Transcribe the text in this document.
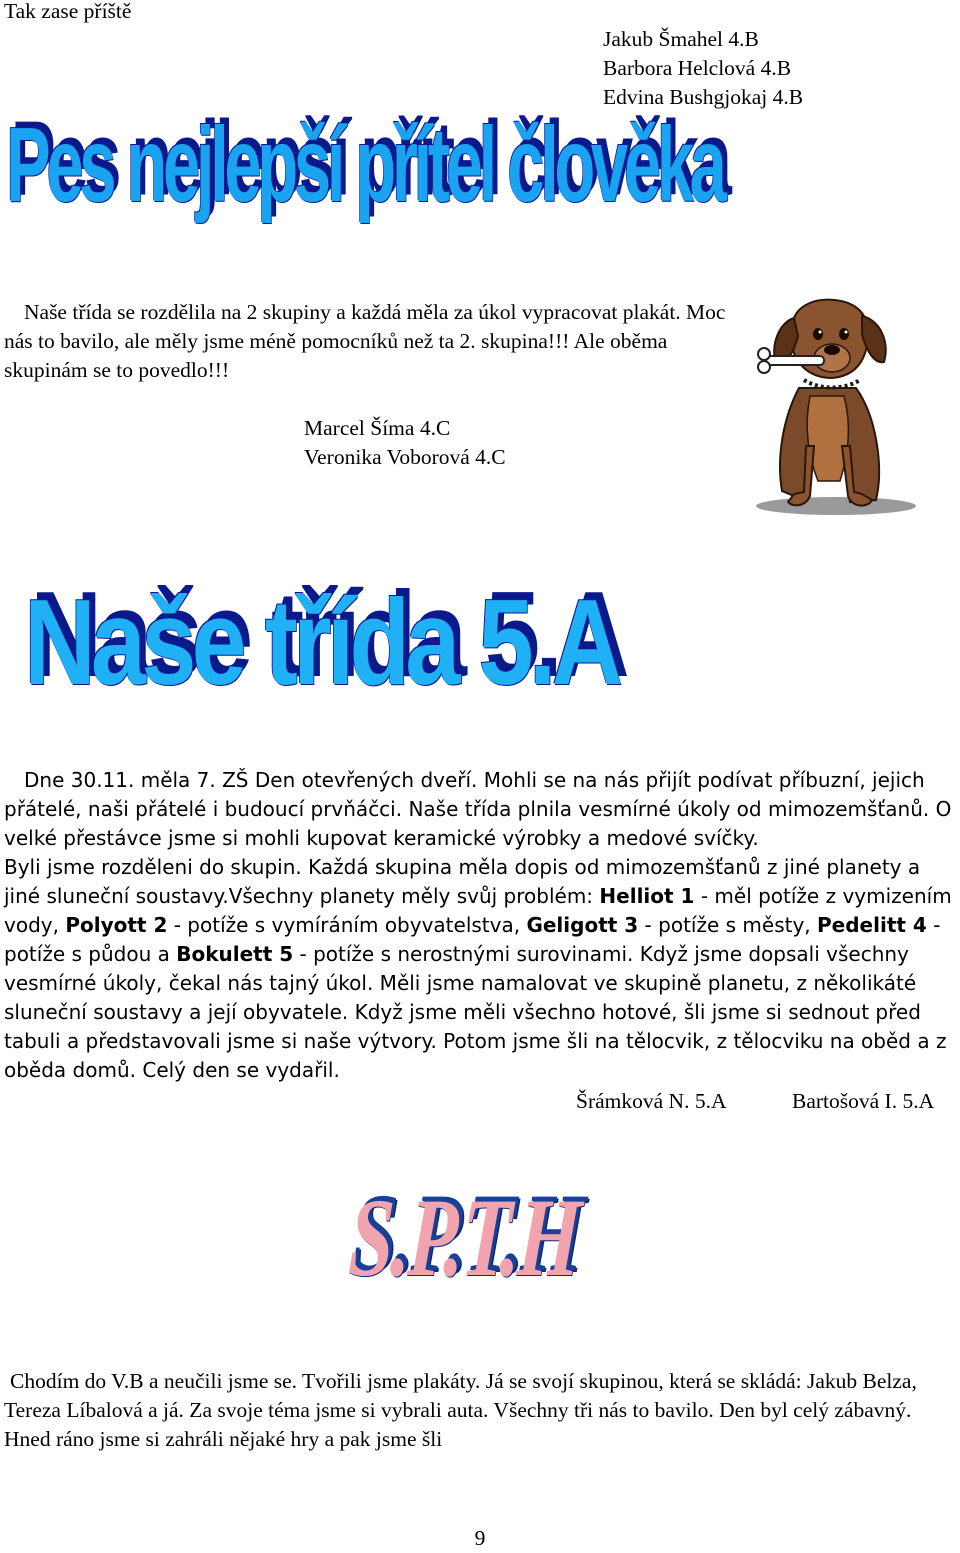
Tak zase příště

Jakub Šmahel 4.B
Barbora Helclová 4.B
Edvina Bushgjokaj 4.B
Pes nejlepší přítel člověka

Naše třída se rozdělila na 2 skupiny a každá měla za úkol vypracovat plakát. Moc nás to bavilo, ale měly jsme méně pomocníků než ta 2. skupina!!! Ale oběma skupinám se to povedlo!!!

Marcel Šíma 4.C
Veronika Voborová 4.C
Naše třída 5.A
Dne 30.11. měla 7. ZŠ Den otevřených dveří. Mohli se na nás přijít podívat příbuzní, jejich přátelé, naši přátelé i budoucí prvňáčci. Naše třída plnila vesmírné úkoly od mimozemšťanů. O velké přestávce jsme si mohli kupovat keramické výrobky a medové svíčky.
Byli jsme rozděleni do skupin. Každá skupina měla dopis od mimozemšťanů z jiné planety a jiné sluneční soustavy.Všechny planety měly svůj problém: Helliot 1 - měl potíže z vymizením vody, Polyott 2 - potíže s vymíráním obyvatelstva, Geligott 3 - potíže s městy, Pedelitt 4 - potíže s půdou a Bokulett 5 - potíže s nerostnými surovinami. Když jsme dopsali všechny vesmírné úkoly, čekal nás tajný úkol. Měli jsme namalovat ve skupině planetu, z několikáté sluneční soustavy a její obyvatele. Když jsme měli všechno hotové, šli jsme si sednout před tabuli a představovali jsme si naše výtvory. Potom jsme šli na tělocvik, z tělocviku na oběd a z oběda domů. Celý den se vydařil.

Šrámková N. 5.A	Bartošová I. 5.A

S.P.T.H

Chodím do V.B a neučili jsme se. Tvořili jsme plakáty. Já se svojí skupinou, která se skládá: Jakub Belza, Tereza Líbalová a já. Za svoje téma jsme si vybrali auta. Všechny tři nás to bavilo. Den byl celý zábavný. Hned ráno jsme si zahráli nějaké hry a pak jsme šli

9
